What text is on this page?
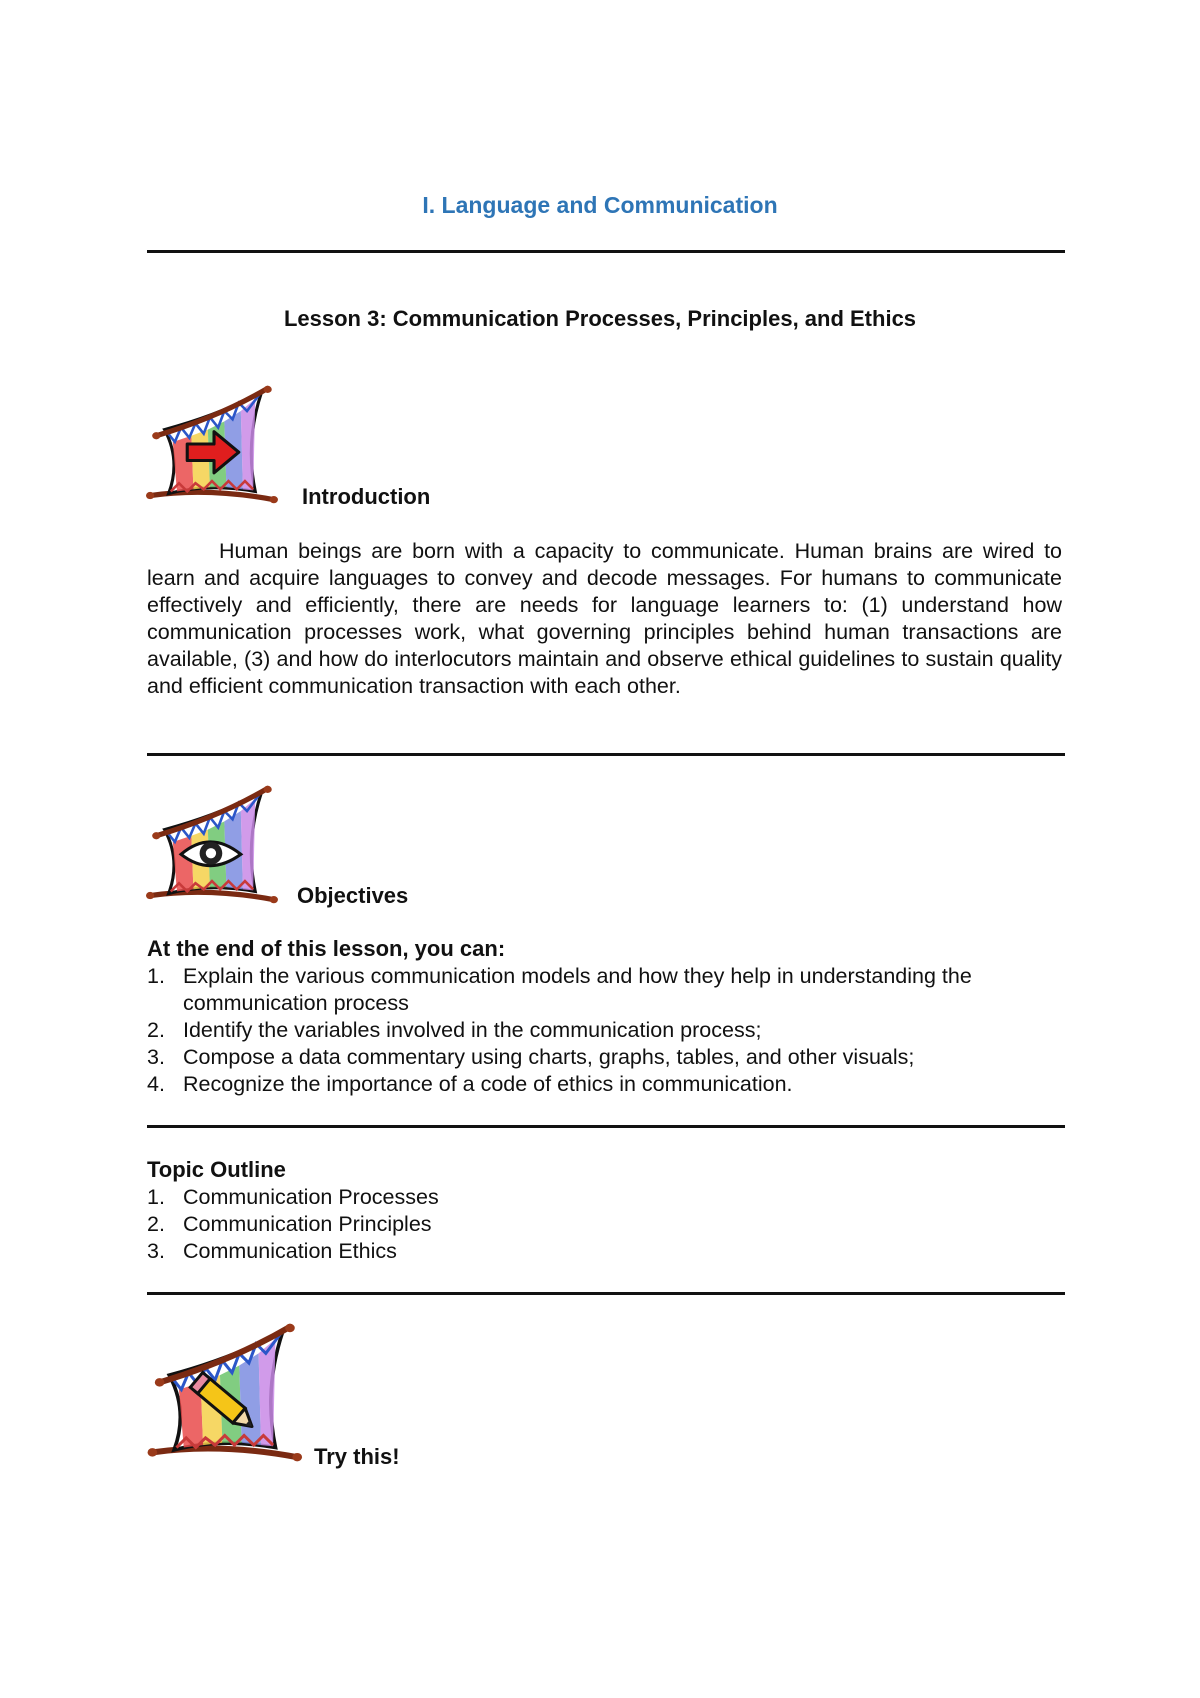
I. Language and Communication
Lesson 3: Communication Processes, Principles, and Ethics
Introduction

Human beings are born with a capacity to communicate. Human brains are wired to learn and acquire languages to convey and decode messages. For humans to communicate effectively and efficiently, there are needs for language learners to: (1) understand how communication processes work, what governing principles behind human transactions are available, (3) and how do interlocutors maintain and observe ethical guidelines to sustain quality and efficient communication transaction with each other.

Objectives

At the end of this lesson, you can:

1. Explain the various communication models and how they help in understanding the communication process
2. Identify the variables involved in the communication process;
3. Compose a data commentary using charts, graphs, tables, and other visuals;
4. Recognize the importance of a code of ethics in communication.

Topic Outline

1. Communication Processes
2. Communication Principles
3. Communication Ethics
Try this!
